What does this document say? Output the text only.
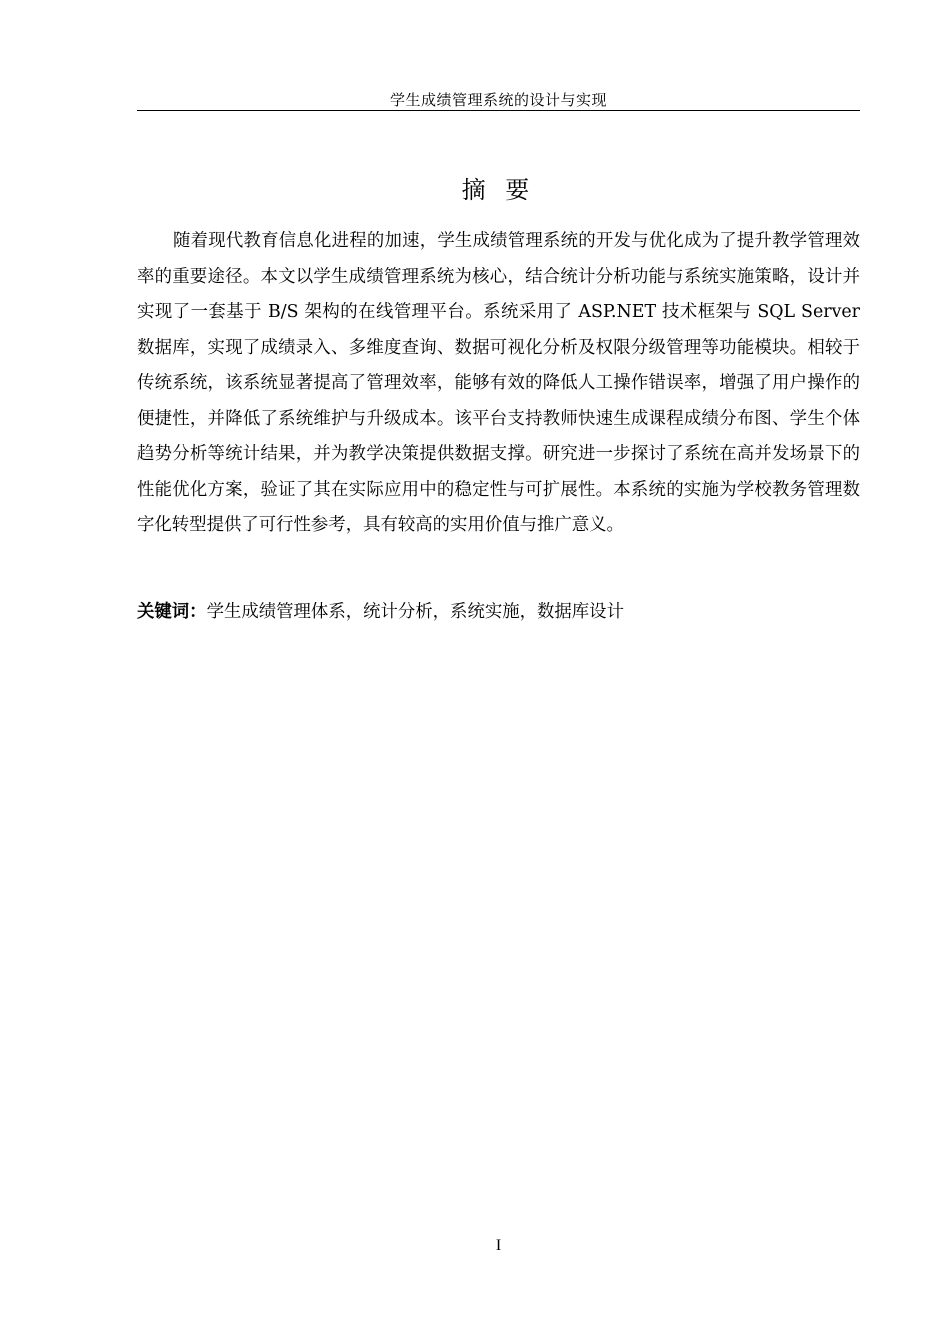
学生成绩管理系统的设计与实现
摘 要

随着现代教育信息化进程的加速，学生成绩管理系统的开发与优化成为了提升教学管理效率的重要途径。本文以学生成绩管理系统为核心，结合统计分析功能与系统实施策略，设计并实现了一套基于 B/S 架构的在线管理平台。系统采用了 ASP.NET 技术框架与 SQL Server 数据库，实现了成绩录入、多维度查询、数据可视化分析及权限分级管理等功能模块。相较于传统系统，该系统显著提高了管理效率，能够有效的降低人工操作错误率，增强了用户操作的便捷性，并降低了系统维护与升级成本。该平台支持教师快速生成课程成绩分布图、学生个体趋势分析等统计结果，并为教学决策提供数据支撑。研究进一步探讨了系统在高并发场景下的性能优化方案，验证了其在实际应用中的稳定性与可扩展性。本系统的实施为学校教务管理数字化转型提供了可行性参考，具有较高的实用价值与推广意义。

关键词：学生成绩管理体系，统计分析，系统实施，数据库设计

I
